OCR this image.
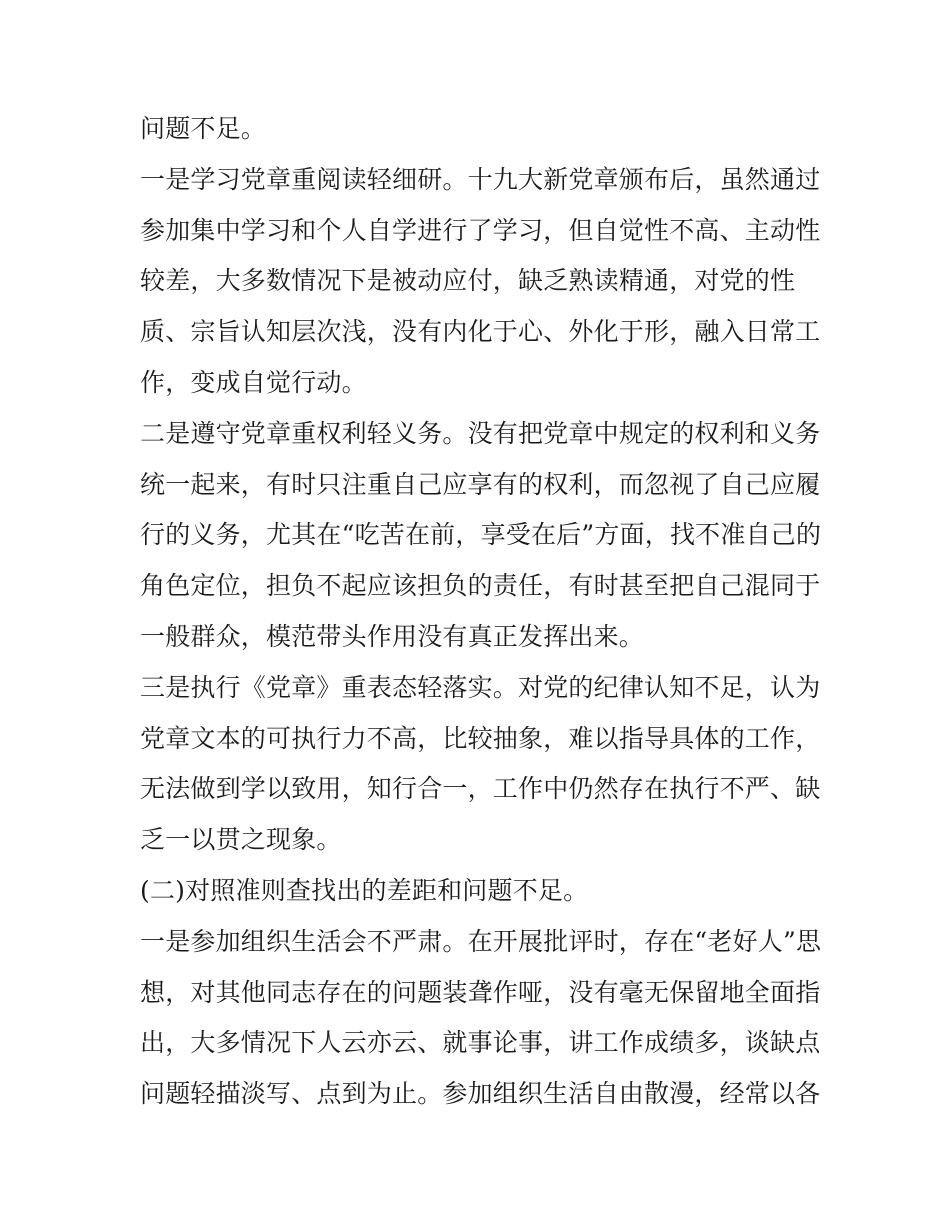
问题不足。
一是学习党章重阅读轻细研。十九大新党章颁布后，虽然通过
参加集中学习和个人自学进行了学习，但自觉性不高、主动性
较差，大多数情况下是被动应付，缺乏熟读精通，对党的性
质、宗旨认知层次浅，没有内化于心、外化于形，融入日常工
作，变成自觉行动。
二是遵守党章重权利轻义务。没有把党章中规定的权利和义务
统一起来，有时只注重自己应享有的权利，而忽视了自己应履
行的义务，尤其在“吃苦在前，享受在后”方面，找不准自己的
角色定位，担负不起应该担负的责任，有时甚至把自己混同于
一般群众，模范带头作用没有真正发挥出来。
三是执行《党章》重表态轻落实。对党的纪律认知不足，认为
党章文本的可执行力不高，比较抽象，难以指导具体的工作，
无法做到学以致用，知行合一，工作中仍然存在执行不严、缺
乏一以贯之现象。
(二)对照准则查找出的差距和问题不足。
一是参加组织生活会不严肃。在开展批评时，存在“老好人”思
想，对其他同志存在的问题装聋作哑，没有毫无保留地全面指
出，大多情况下人云亦云、就事论事，讲工作成绩多，谈缺点
问题轻描淡写、点到为止。参加组织生活自由散漫，经常以各
